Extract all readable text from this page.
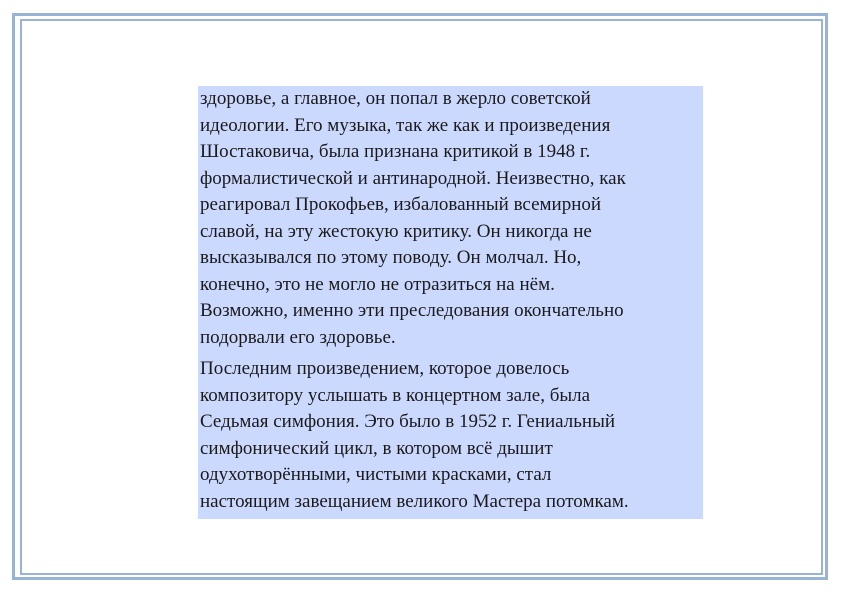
здоровье, а главное, он попал в жерло советской
идеологии. Его музыка, так же как и произведения
Шостаковича, была признана критикой в 1948 г.
формалистической и антинародной. Неизвестно, как
реагировал Прокофьев, избалованный всемирной
славой, на эту жестокую критику. Он никогда не
высказывался по этому поводу. Он молчал. Но,
конечно, это не могло не отразиться на нём.
Возможно, именно эти преследования окончательно
подорвали его здоровье.

Последним произведением, которое довелось
композитору услышать в концертном зале, была
Седьмая симфония. Это было в 1952 г. Гениальный
симфонический цикл, в котором всё дышит
одухотворёнными, чистыми красками, стал
настоящим завещанием великого Мастера потомкам.
